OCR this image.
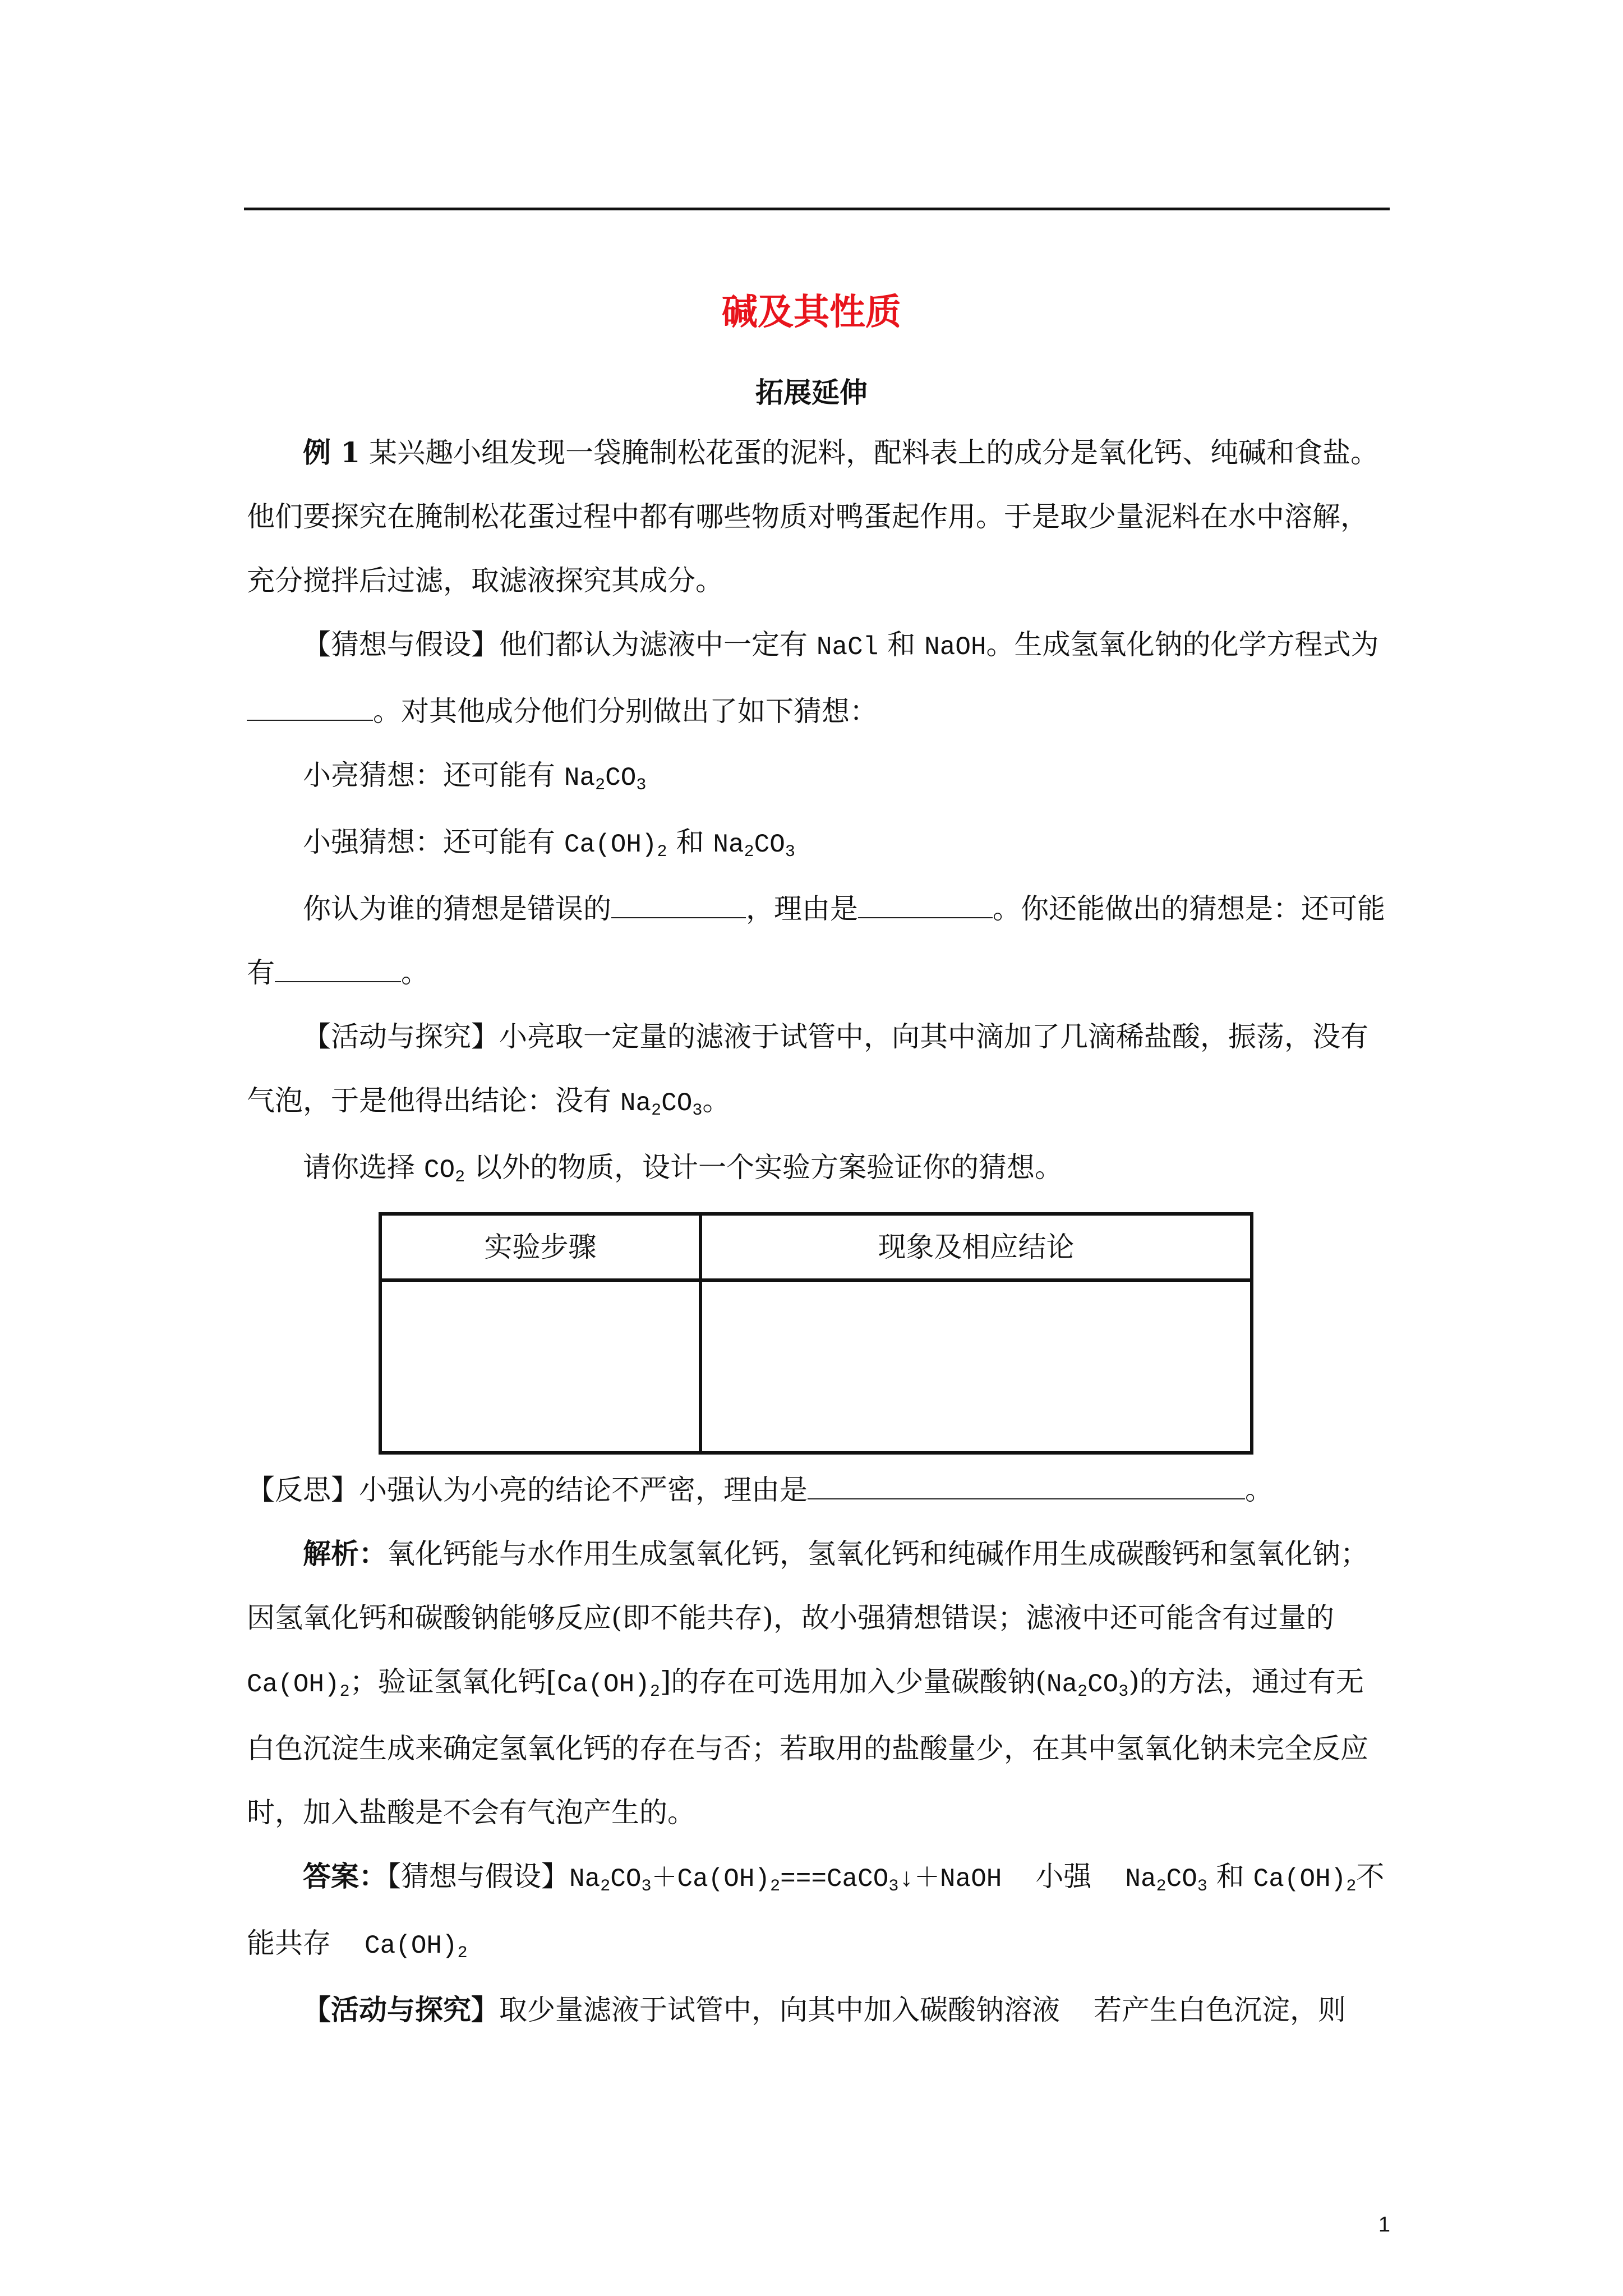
碱及其性质
拓展延伸

例 1 某兴趣小组发现一袋腌制松花蛋的泥料，配料表上的成分是氧化钙、纯碱和食盐。他们要探究在腌制松花蛋过程中都有哪些物质对鸭蛋起作用。于是取少量泥料在水中溶解，充分搅拌后过滤，取滤液探究其成分。

【猜想与假设】他们都认为滤液中一定有 NaCl 和 NaOH。生成氢氧化钠的化学方程式为。对其他成分他们分别做出了如下猜想：

小亮猜想：还可能有 $Na_2CO_3$

小强猜想：还可能有 $Ca(OH)_2$ 和 $Na_2CO_3$

你认为谁的猜想是错误的	，理由是	。你还能做出的猜想是：还可能有	。

【活动与探究】小亮取一定量的滤液于试管中，向其中滴加了几滴稀盐酸，振荡，没有气泡，于是他得出结论：没有 $Na_2CO_3$。

请你选择 $CO_2$ 以外的物质，设计一个实验方案验证你的猜想。

实验步骤	现象及相应结论

【反思】小强认为小亮的结论不严密，理由是	。

解析：氧化钙能与水作用生成氢氧化钙，氢氧化钙和纯碱作用生成碳酸钙和氢氧化钠；因氢氧化钙和碳酸钠能够反应(即不能共存)，故小强猜想错误；滤液中还可能含有过量的 $Ca(OH)_2$；验证氢氧化钙$[Ca(OH)_2]$的存在可选用加入少量碳酸钠$(Na_2CO_3)$的方法，通过有无白色沉淀生成来确定氢氧化钙的存在与否；若取用的盐酸量少，在其中氢氧化钠未完全反应时，加入盐酸是不会有气泡产生的。

答案：【猜想与假设】$Na_2CO_3+Ca(OH)_2===CaCO_3↓+NaOH$ 小强 $Na_2CO_3$ 和 $Ca(OH)_2$不能共存 $Ca(OH)_2$

【活动与探究】取少量滤液于试管中，向其中加入碳酸钠溶液 若产生白色沉淀，则

1
